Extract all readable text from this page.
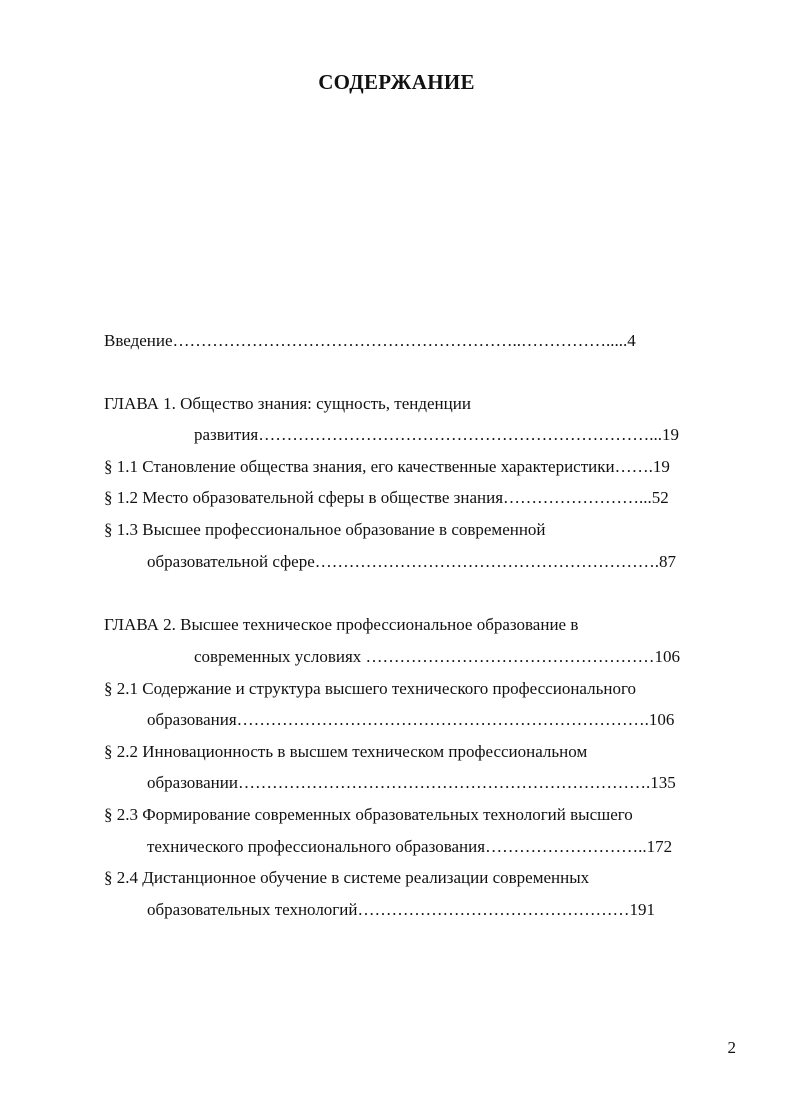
СОДЕРЖАНИЕ
Введение……………………………………………………..…………….....4
ГЛАВА 1. Общество знания: сущность, тенденции
развития……………………………………………………………...19
§ 1.1 Становление общества знания, его качественные характеристики…….19
§ 1.2 Место образовательной сферы в обществе знания……………………...52
§ 1.3 Высшее профессиональное образование в современной
образовательной сфере…………………………………………………….87
ГЛАВА 2. Высшее техническое профессиональное образование в
современных условиях ……………………………………………106
§ 2.1 Содержание и структура высшего технического профессионального
образования……………………………………………………………….106
§ 2.2 Инновационность в высшем техническом профессиональном
образовании……………………………………………………………….135
§ 2.3 Формирование современных образовательных технологий высшего
технического профессионального образования………………………..172
§ 2.4 Дистанционное обучение в системе реализации современных
образовательных технологий…………………………………………191
2
